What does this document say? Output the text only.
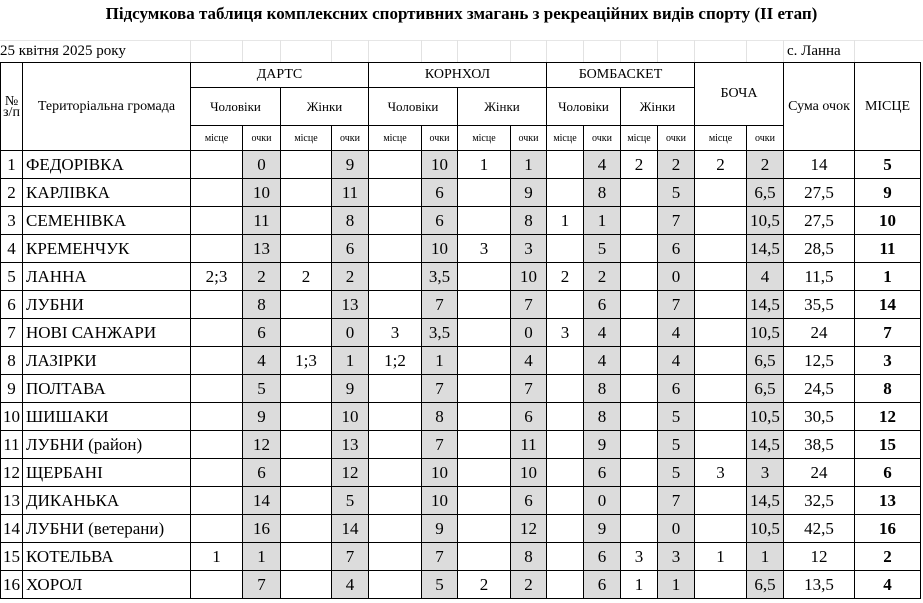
Підсумкова таблиця комплексних спортивних змагань з рекреаційних видів спорту (ІІ етап)
25 квітня 2025 року	с. Ланна
№ з/п	Територіальна громада	ДАРТС				КОРНХОЛ				БОМБАСКЕТ				БОЧА		Сума очок	МІСЦЕ
		Чоловіки		Жінки		Чоловіки		Жінки		Чоловіки		Жінки					
		місце	очки	місце	очки	місце	очки	місце	очки	місце	очки	місце	очки	місце	очки		
1	ФЕДОРІВКА		0		9		10	1	1		4	2	2	2	2	14	5
2	КАРЛІВКА		10		11		6		9		8		5		6,5	27,5	9
3	СЕМЕНІВКА		11		8		6		8	1	1		7		10,5	27,5	10
4	КРЕМЕНЧУК		13		6		10	3	3		5		6		14,5	28,5	11
5	ЛАННА	2;3	2	2	2		3,5		10	2	2		0		4	11,5	1
6	ЛУБНИ		8		13		7		7		6		7		14,5	35,5	14
7	НОВІ САНЖАРИ		6		0	3	3,5		0	3	4		4		10,5	24	7
8	ЛАЗІРКИ		4	1;3	1	1;2	1		4		4		4		6,5	12,5	3
9	ПОЛТАВА		5		9		7		7		8		6		6,5	24,5	8
10	ШИШАКИ		9		10		8		6		8		5		10,5	30,5	12
11	ЛУБНИ (район)		12		13		7		11		9		5		14,5	38,5	15
12	ЩЕРБАНІ		6		12		10		10		6		5	3	3	24	6
13	ДИКАНЬКА		14		5		10		6		0		7		14,5	32,5	13
14	ЛУБНИ (ветерани)		16		14		9		12		9		0		10,5	42,5	16
15	КОТЕЛЬВА	1	1		7		7		8		6	3	3	1	1	12	2
16	ХОРОЛ		7		4		5	2	2		6	1	1		6,5	13,5	4
